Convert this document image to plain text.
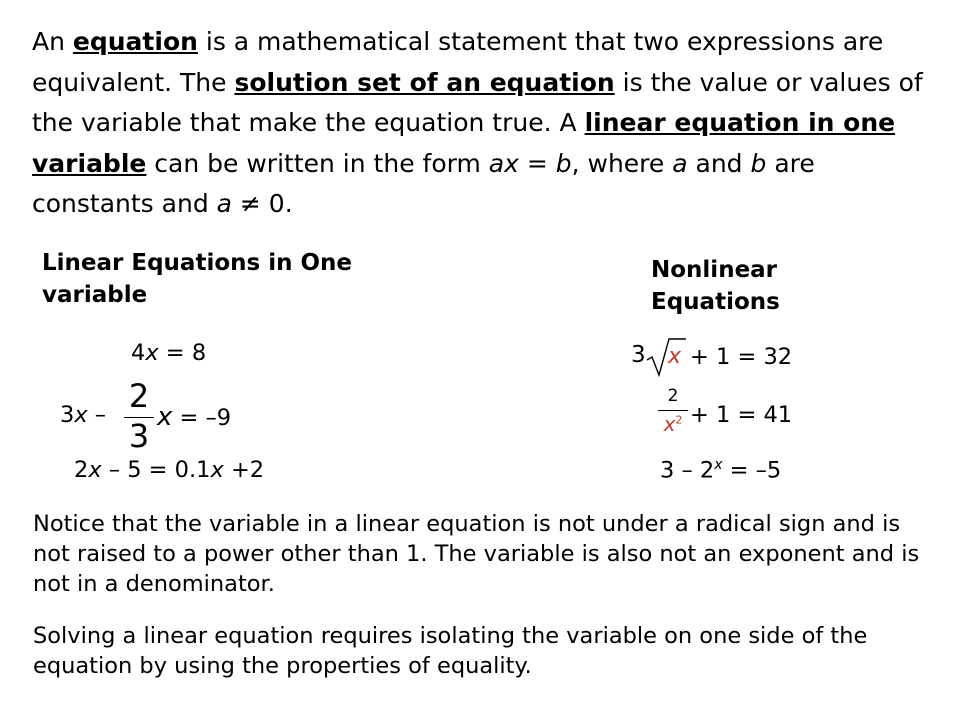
An equation is a mathematical statement that two expressions are equivalent. The solution set of an equation is the value or values of the variable that make the equation true. A linear equation in one variable can be written in the form ax = b, where a and b are constants and a ≠ 0.
Linear Equations in One variable
4x = 8
3x – 2
3 x = –9
2x – 5 = 0.1x +2
Nonlinear Equations
3 x + 1 = 32
2
$x^2 + 1 = 41$
$3 - 2^x = -5$
Notice that the variable in a linear equation is not under a radical sign and is not raised to a power other than 1. The variable is also not an exponent and is not in a denominator.
Solving a linear equation requires isolating the variable on one side of the equation by using the properties of equality.
